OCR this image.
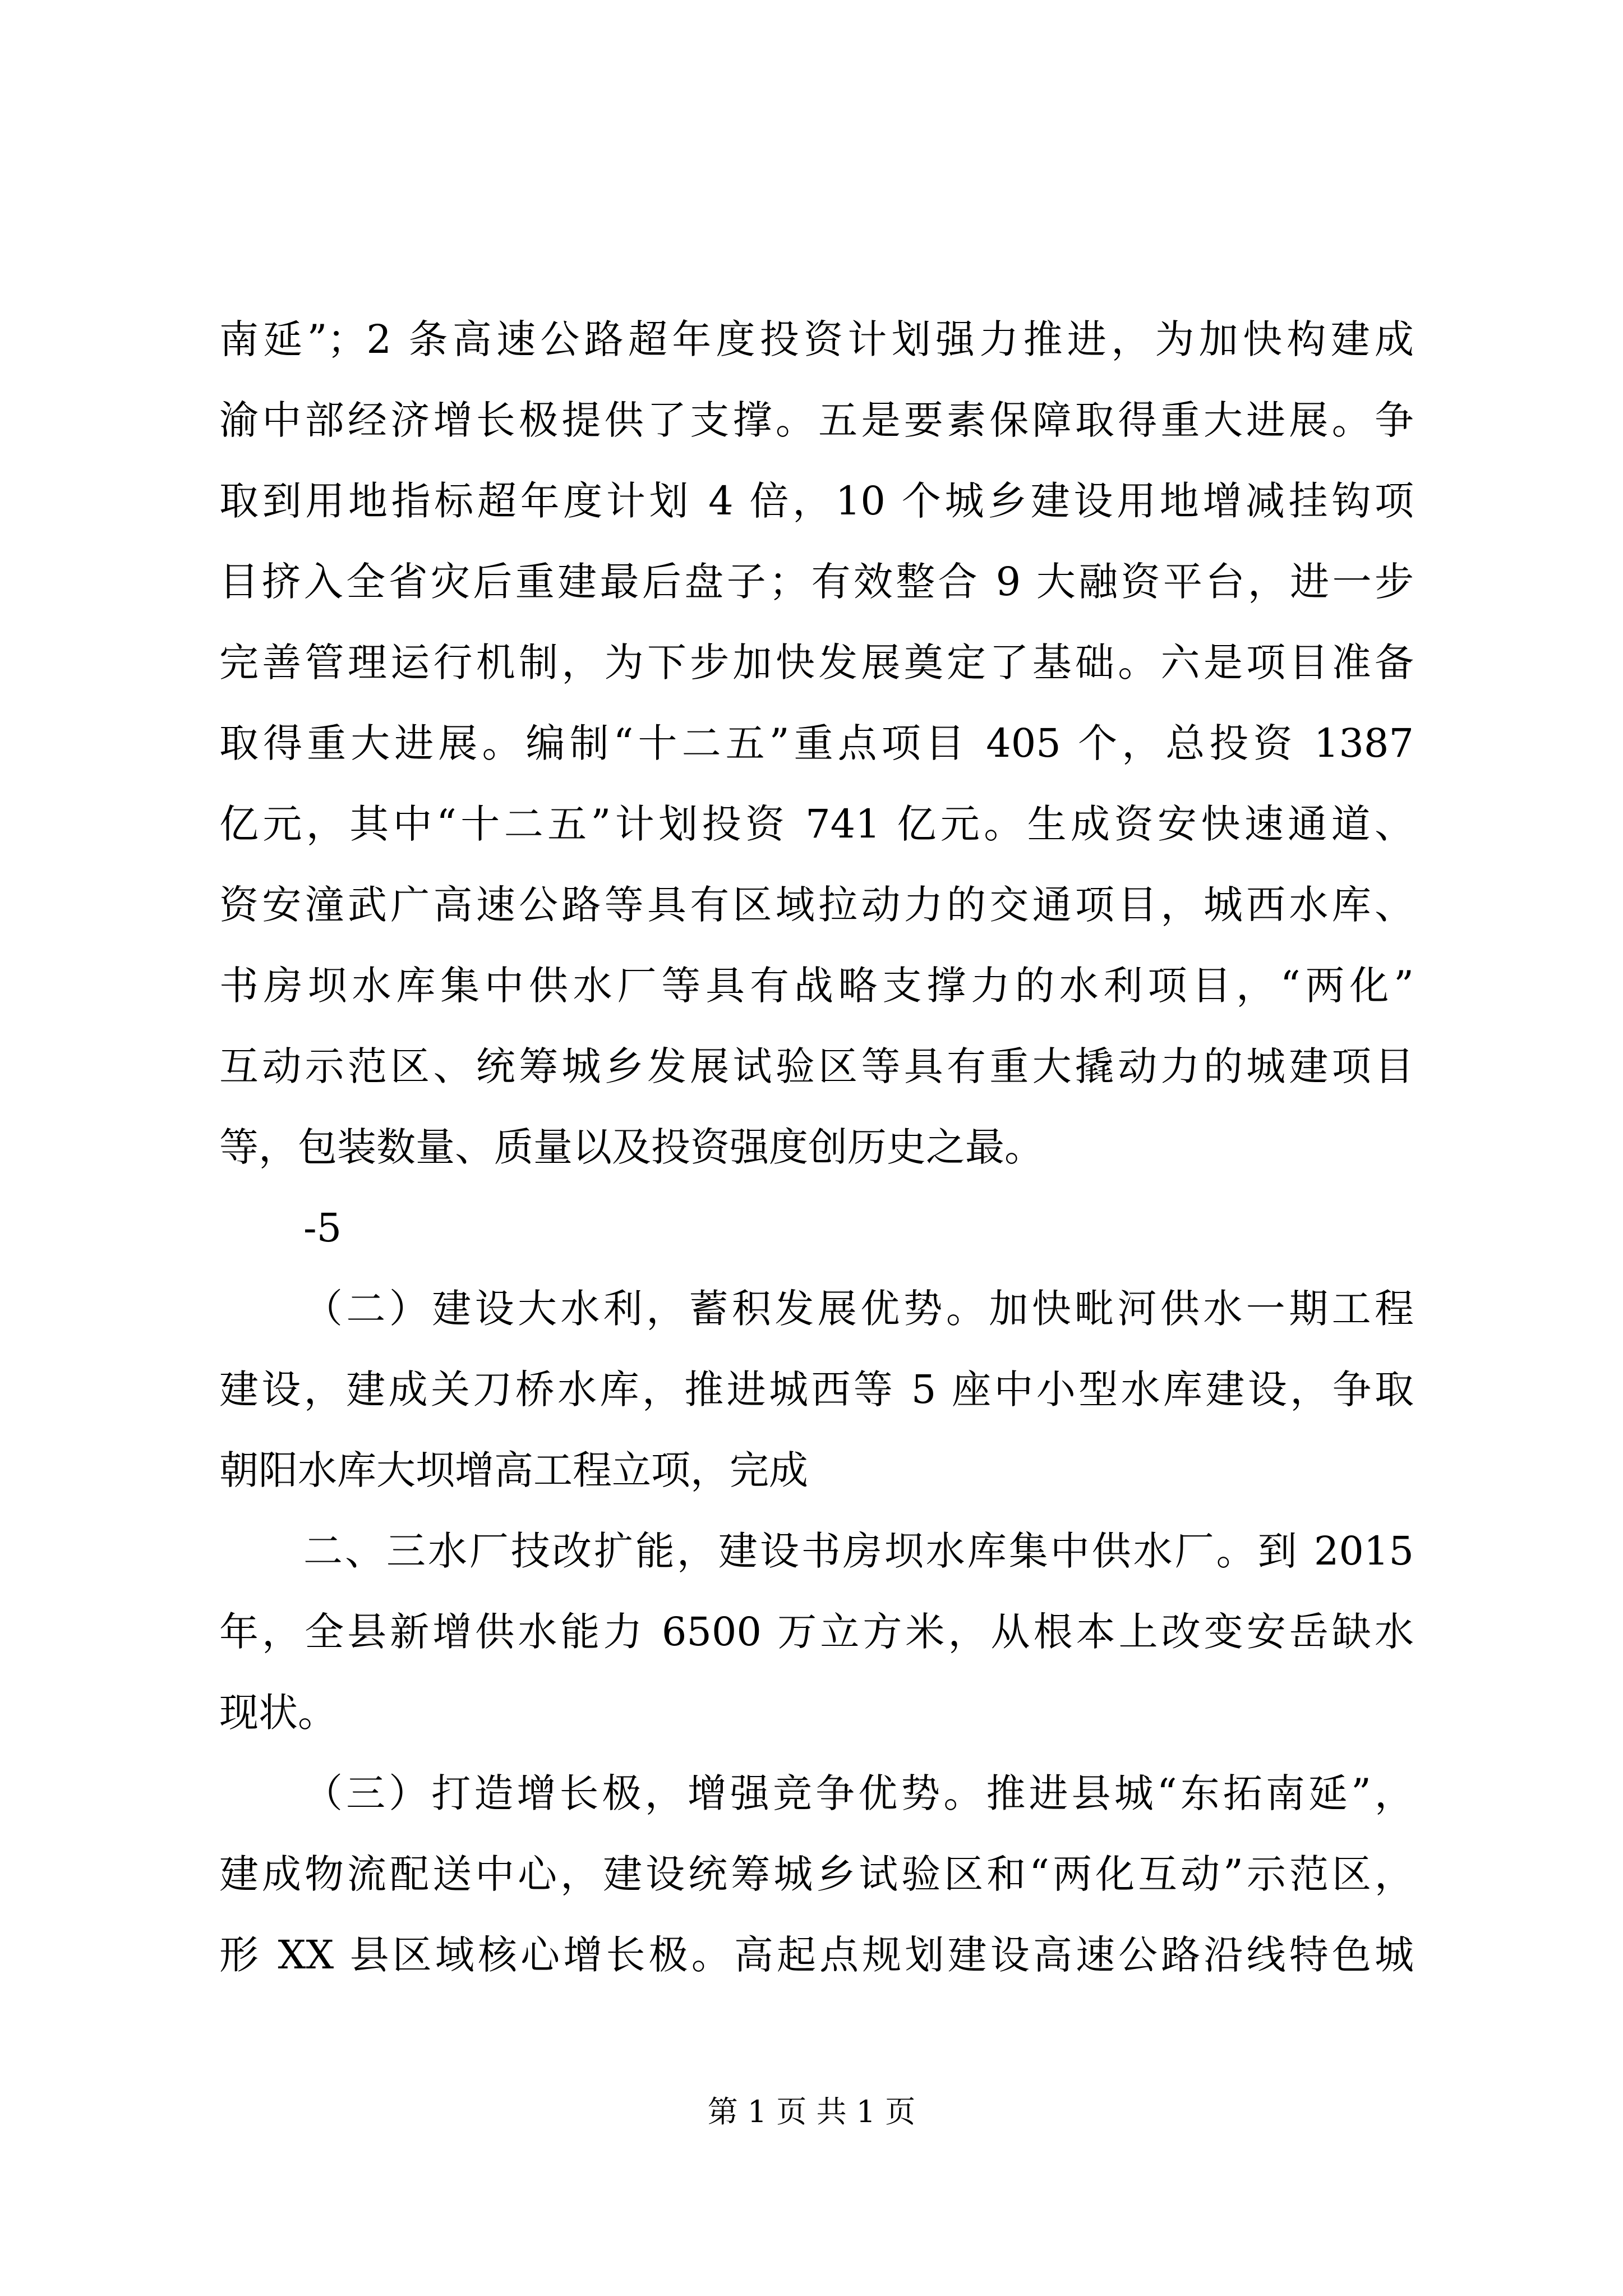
南延”；2 条高速公路超年度投资计划强力推进，为加快构建成
渝中部经济增长极提供了支撑。五是要素保障取得重大进展。争
取到用地指标超年度计划 4 倍，10 个城乡建设用地增减挂钩项
目挤入全省灾后重建最后盘子；有效整合 9 大融资平台，进一步
完善管理运行机制，为下步加快发展奠定了基础。六是项目准备
取得重大进展。编制“十二五”重点项目 405 个，总投资 1387
亿元，其中“十二五”计划投资 741 亿元。生成资安快速通道、
资安潼武广高速公路等具有区域拉动力的交通项目，城西水库、
书房坝水库集中供水厂等具有战略支撑力的水利项目，“两化”
互动示范区、统筹城乡发展试验区等具有重大撬动力的城建项目
等，包装数量、质量以及投资强度创历史之最。
-5
（二）建设大水利，蓄积发展优势。加快毗河供水一期工程
建设，建成关刀桥水库，推进城西等 5 座中小型水库建设，争取
朝阳水库大坝增高工程立项，完成
二、三水厂技改扩能，建设书房坝水库集中供水厂。到 2015
年，全县新增供水能力 6500 万立方米，从根本上改变安岳缺水
现状。
（三）打造增长极，增强竞争优势。推进县城“东拓南延”，
建成物流配送中心，建设统筹城乡试验区和“两化互动”示范区，
形 XX 县区域核心增长极。高起点规划建设高速公路沿线特色城
第 1 页 共 1 页
